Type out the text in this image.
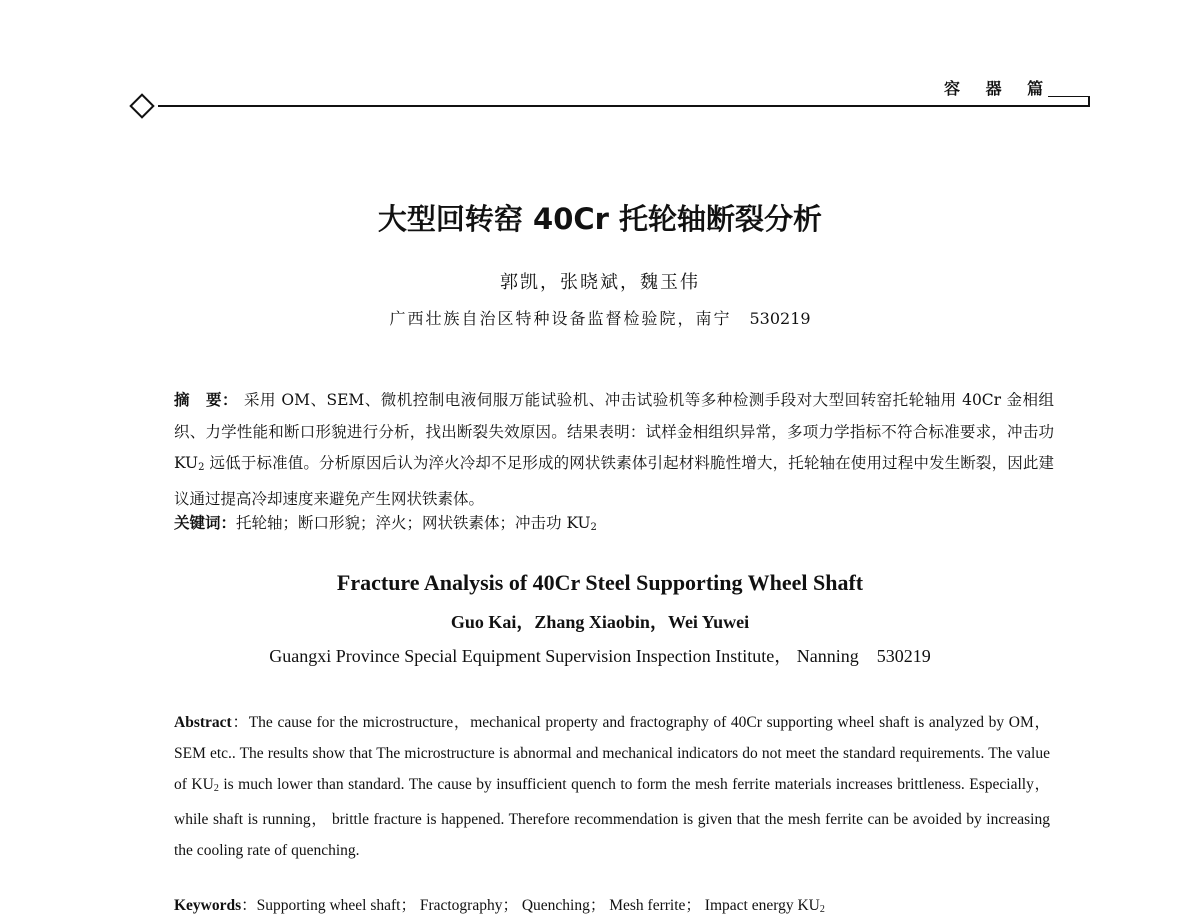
容 器 篇
大型回转窑 40Cr 托轮轴断裂分析
郭凯，张晓斌，魏玉伟
广西壮族自治区特种设备监督检验院，南宁 530219
摘　要： 采用 OM、SEM、微机控制电液伺服万能试验机、冲击试验机等多种检测手段对大型回转窑托轮轴用 40Cr 金相组织、力学性能和断口形貌进行分析，找出断裂失效原因。结果表明：试样金相组织异常，多项力学指标不符合标准要求，冲击功 $KU_2$ 远低于标准值。分析原因后认为淬火冷却不足形成的网状铁素体引起材料脆性增大，托轮轴在使用过程中发生断裂，因此建议通过提高冷却速度来避免产生网状铁素体。
关键词：托轮轴；断口形貌；淬火；网状铁素体；冲击功 $KU_2$
Fracture Analysis of 40Cr Steel Supporting Wheel Shaft
Guo Kai，Zhang Xiaobin，Wei Yuwei
Guangxi Province Special Equipment Supervision Inspection Institute， Nanning 530219
Abstract：The cause for the microstructure，mechanical property and fractography of 40Cr supporting wheel shaft is analyzed by OM，SEM etc.. The results show that The microstructure is abnormal and mechanical indicators do not meet the standard requirements. The value of $KU_2$ is much lower than standard. The cause by insufficient quench to form the mesh ferrite materials increases brittleness. Especially， while shaft is running， brittle fracture is happened. Therefore recommendation is given that the mesh ferrite can be avoided by increasing the cooling rate of quenching.
Keywords：Supporting wheel shaft； Fractography； Quenching； Mesh ferrite； Impact energy $KU_2$
